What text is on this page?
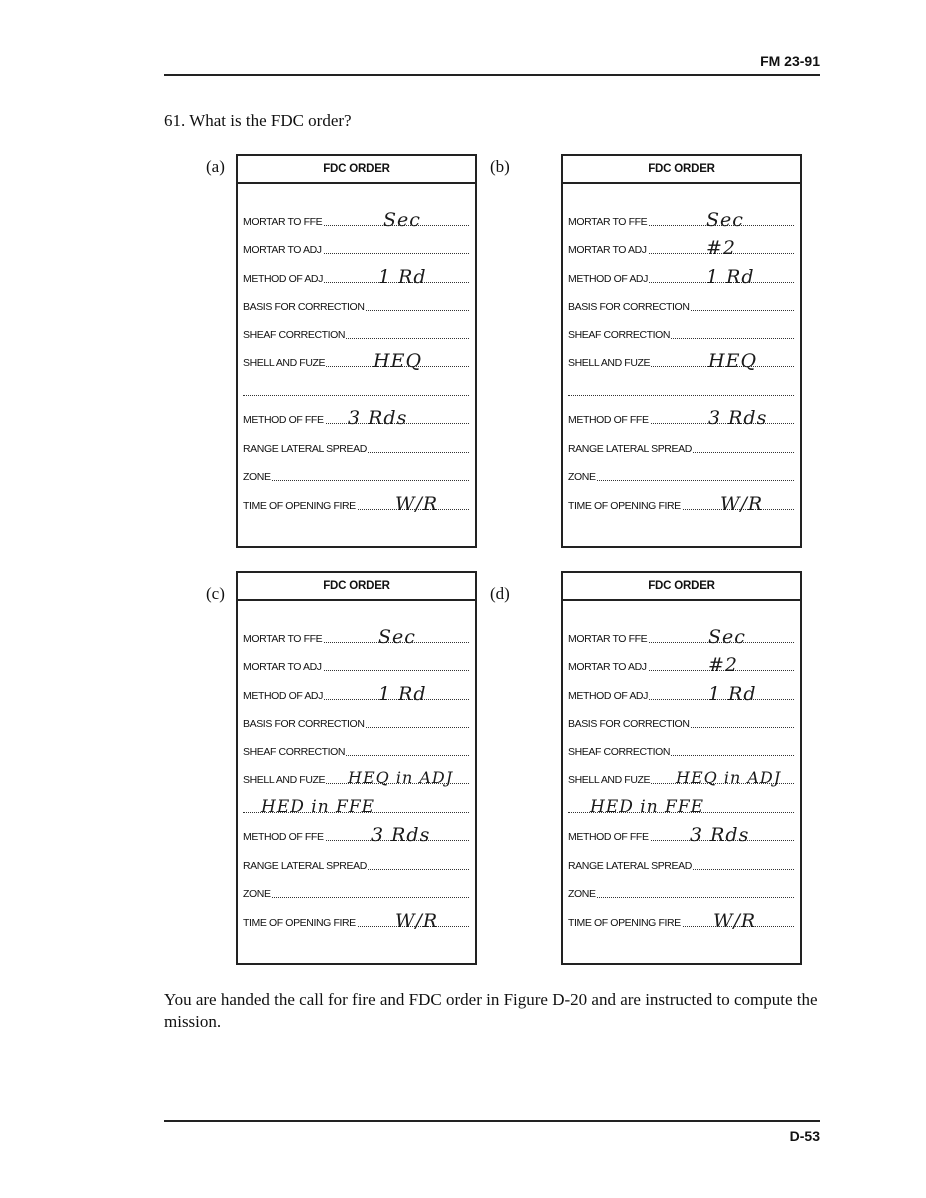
FM 23-91
61. What is the FDC order?
(a)	(b)
(c)	(d)
FDC ORDER
MORTAR TO FFE	Sec
MORTAR TO ADJ
METHOD OF ADJ	1 Rd
BASIS FOR CORRECTION
SHEAF CORRECTION
SHELL AND FUZE	HEQ
METHOD OF FFE 3 Rds
RANGE LATERAL SPREAD
ZONE
TIME OF OPENING FIRE W/R
FDC ORDER
MORTAR TO FFE	Sec
MORTAR TO ADJ	#2
METHOD OF ADJ	1 Rd
BASIS FOR CORRECTION
SHEAF CORRECTION
SHELL AND FUZE	HEQ
METHOD OF FFE	3 Rds
RANGE LATERAL SPREAD
ZONE
TIME OF OPENING FIRE W/R
FDC ORDER
MORTAR TO FFE	Sec
MORTAR TO ADJ
METHOD OF ADJ	1 Rd
BASIS FOR CORRECTION
SHEAF CORRECTION
SHELL AND FUZE HEQ in ADJ
HED in FFE
METHOD OF FFE 3 Rds
RANGE LATERAL SPREAD
ZONE
TIME OF OPENING FIRE W/R
FDC ORDER
MORTAR TO FFE	Sec
MORTAR TO ADJ	#2
METHOD OF ADJ	1 Rd
BASIS FOR CORRECTION
SHEAF CORRECTION
SHELL AND FUZE HEQ in ADJ
HED in FFE
METHOD OF FFE 3 Rds
RANGE LATERAL SPREAD
ZONE
TIME OF OPENING FIRE W/R
You are handed the call for fire and FDC order in Figure D-20 and are instructed to compute the mission.
D-53
